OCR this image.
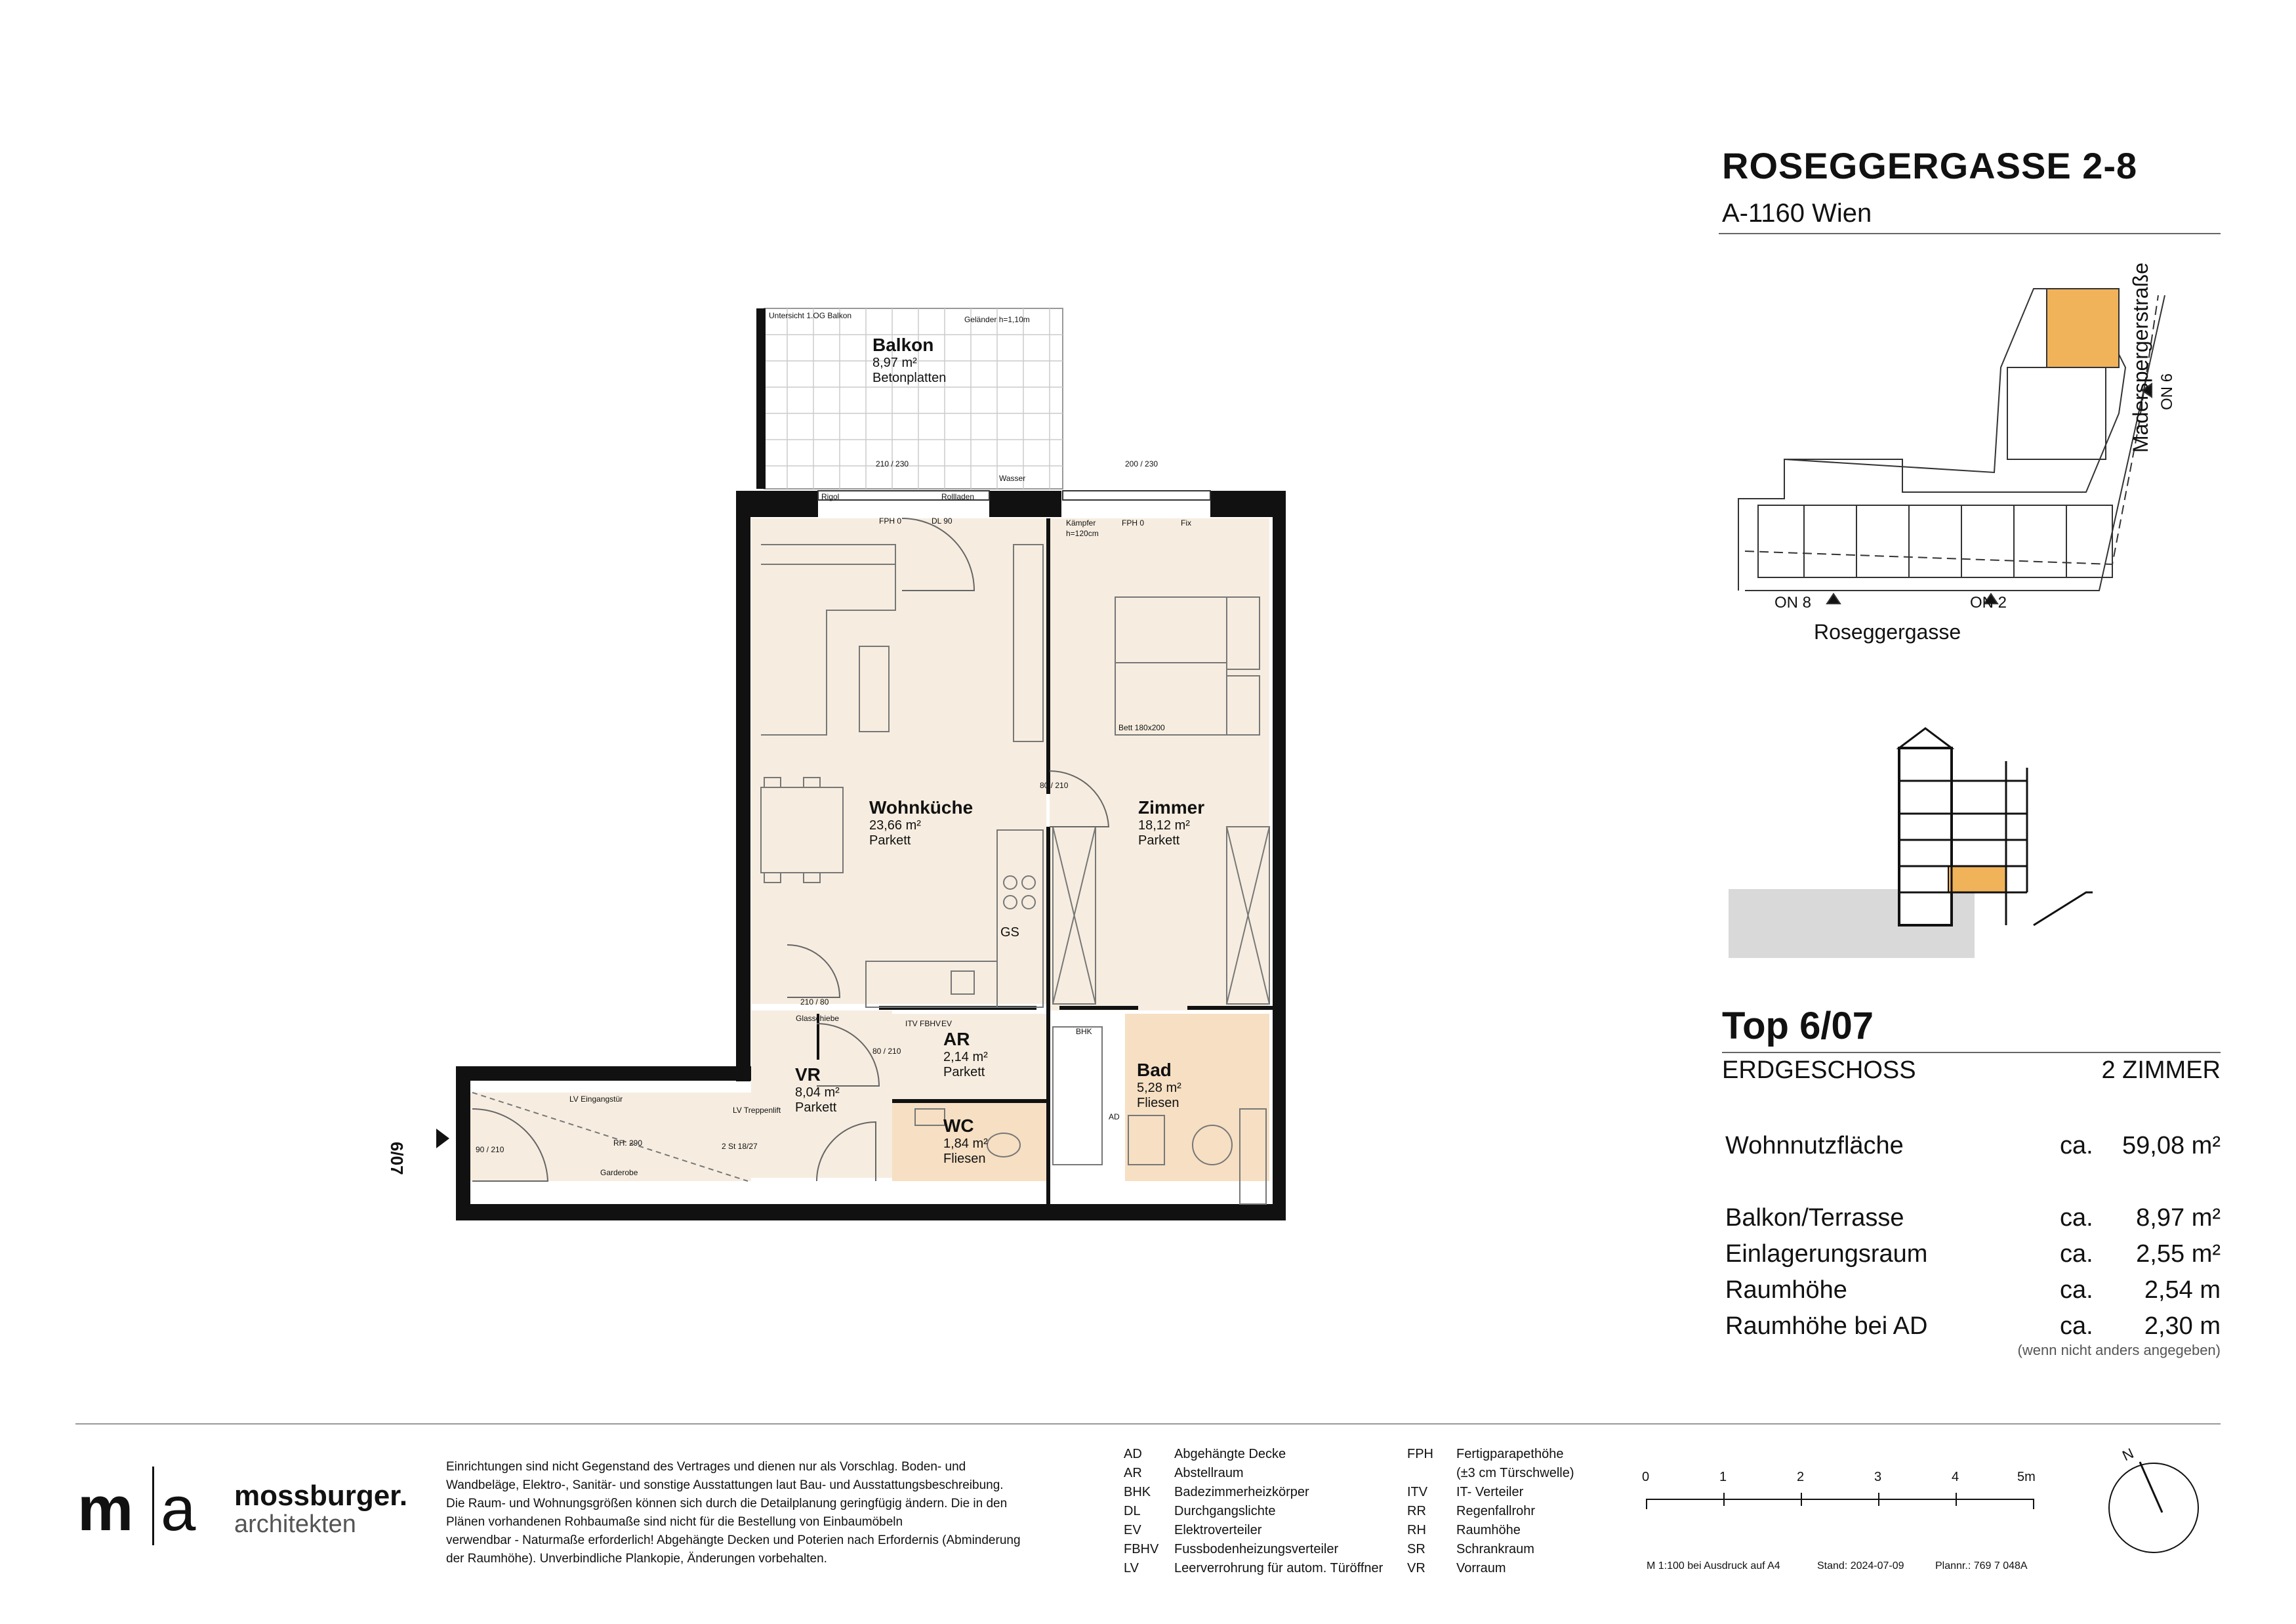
ROSEGGERGASSE 2-8
A-1160 Wien
Roseggergasse
Maderspergerstraße
ON 8	ON 2
ON 6
Top 6/07
ERDGESCHOSS	2 ZIMMER
Wohnnutzfläche	ca.	59,08 m²
Balkon/Terrasse	ca.	8,97 m²
Einlagerungsraum	ca.	2,55 m²
Raumhöhe	ca.	2,54 m
Raumhöhe bei AD	ca.	2,30 m
(wenn nicht anders angegeben)
Balkon
8,97 m²
Betonplatten
Untersicht 1.OG Balkon	Geländer h=1,10m
Wohnküche
23,66 m²
Parkett
Zimmer
18,12 m²
Parkett
AR
2,14 m²
Parkett
VR
8,04 m²
Parkett
WC
1,84 m²
Fliesen
Bad
5,28 m²
Fliesen
6/07
GS
Bett 180x200
Rigol	Rollladen
Wasser
FPH 0	DL 90	Kämpfer
h=120cm
FPH 0	Fix
LV Eingangstür
LV Treppenlift
RH: 290
Garderobe
Glasschiebe
ITV FBHV EV
BHK
AD
80 / 210
90 / 210
210 / 230	200 / 230
80 / 210
210 / 80
2 St 18/27
m a mossburger.
architekten
Einrichtungen sind nicht Gegenstand des Vertrages und dienen nur als Vorschlag. Boden- und
Wandbeläge, Elektro-, Sanitär- und sonstige Ausstattungen laut Bau- und Ausstattungsbeschreibung.
Die Raum- und Wohnungsgrößen können sich durch die Detailplanung geringfügig ändern. Die in den
Plänen vorhandenen Rohbaumaße sind nicht für die Bestellung von Einbaumöbeln
verwendbar - Naturmaße erforderlich! Abgehängte Decken und Poterien nach Erfordernis (Abminderung
der Raumhöhe). Unverbindliche Plankopie, Änderungen vorbehalten.
AD Abgehängte Decke
AR Abstellraum
BHK Badezimmerheizkörper
DL	Durchgangslichte
EV	Elektroverteiler
FBHV Fussbodenheizungsverteiler
LV	Leerverrohrung für autom. Türöffner
FPH Fertigparapethöhe
(±3 cm Türschwelle)
ITV IT- Verteiler
RR Regenfallrohr
RH Raumhöhe
SR Schrankraum
VR Vorraum
0	1	2	3	4	5m
M 1:100 bei Ausdruck auf A4	Stand: 2024-07-09	Plannr.: 769 7 048A
N
